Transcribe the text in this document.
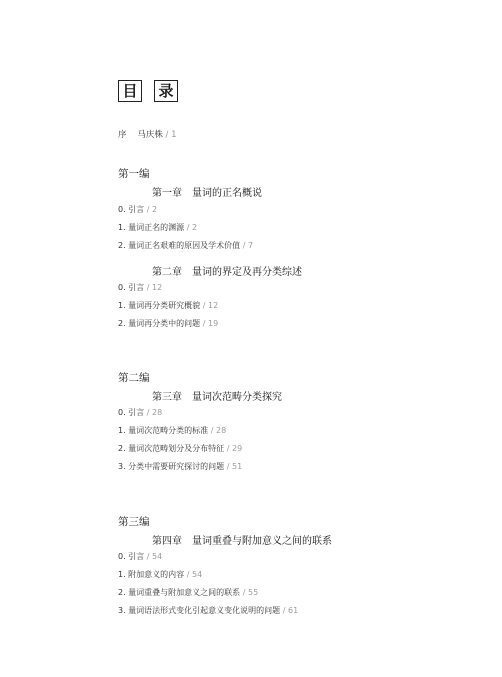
目	录
序 马庆株 / 1
第一编
第一章　量词的正名概说
0. 引言 / 2
1. 量词正名的渊源 / 2
2. 量词正名艰难的原因及学术价值 / 7
第二章　量词的界定及再分类综述
0. 引言 / 12
1. 量词再分类研究概貌 / 12
2. 量词再分类中的问题 / 19
第二编
第三章　量词次范畴分类探究
0. 引言 / 28
1. 量词次范畴分类的标准 / 28
2. 量词次范畴划分及分布特征 / 29
3. 分类中需要研究探讨的问题 / 51
第三编
第四章　量词重叠与附加意义之间的联系
0. 引言 / 54
1. 附加意义的内容 / 54
2. 量词重叠与附加意义之间的联系 / 55
3. 量词语法形式变化引起意义变化说明的问题 / 61
